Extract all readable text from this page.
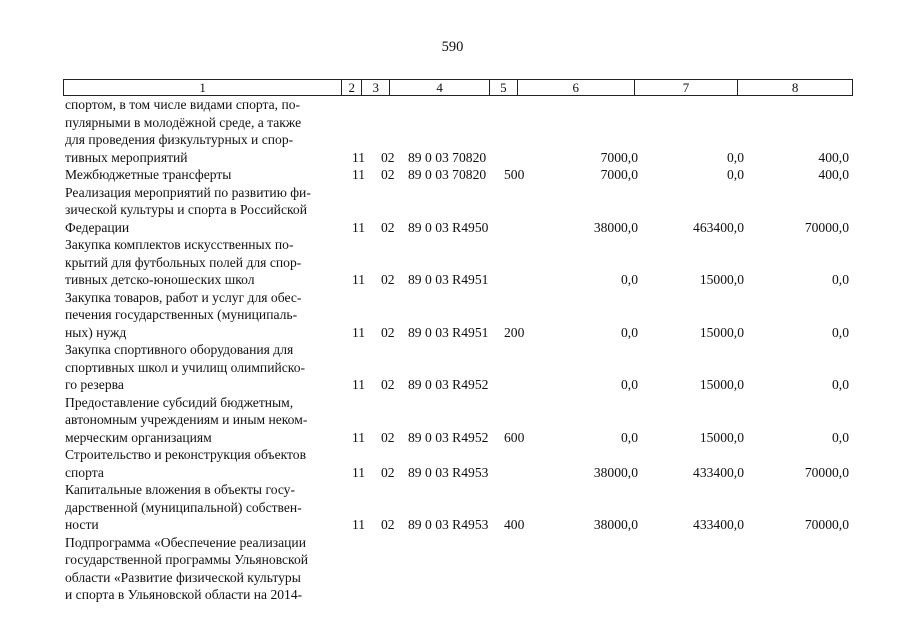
590
1	2	3	4	5	6	7	8
спортом, в том числе видами спорта, по-
пулярными в молодёжной среде, а также
для проведения физкультурных и спор-
тивных мероприятий	11 02 89 0 03 70820	7000,0	0,0	400,0
Межбюджетные трансферты	11 02 89 0 03 70820 500	7000,0	0,0	400,0
Реализация мероприятий по развитию фи-
зической культуры и спорта в Российской
Федерации	11 02 89 0 03 R4950	38000,0	463400,0	70000,0
Закупка комплектов искусственных по-
крытий для футбольных полей для спор-
тивных детско-юношеских школ	11 02 89 0 03 R4951	0,0	15000,0	0,0
Закупка товаров, работ и услуг для обес-
печения государственных (муниципаль-
ных) нужд	11 02 89 0 03 R4951 200	0,0	15000,0	0,0
Закупка спортивного оборудования для
спортивных школ и училищ олимпийско-
го резерва	11 02 89 0 03 R4952	0,0	15000,0	0,0
Предоставление субсидий бюджетным,
автономным учреждениям и иным неком-
мерческим организациям	11 02 89 0 03 R4952 600	0,0	15000,0	0,0
Строительство и реконструкция объектов
спорта	11 02 89 0 03 R4953	38000,0	433400,0	70000,0
Капитальные вложения в объекты госу-
дарственной (муниципальной) собствен-
ности	11 02 89 0 03 R4953 400	38000,0	433400,0	70000,0
Подпрограмма «Обеспечение реализации
государственной программы Ульяновской
области «Развитие физической культуры
и спорта в Ульяновской области на 2014-
